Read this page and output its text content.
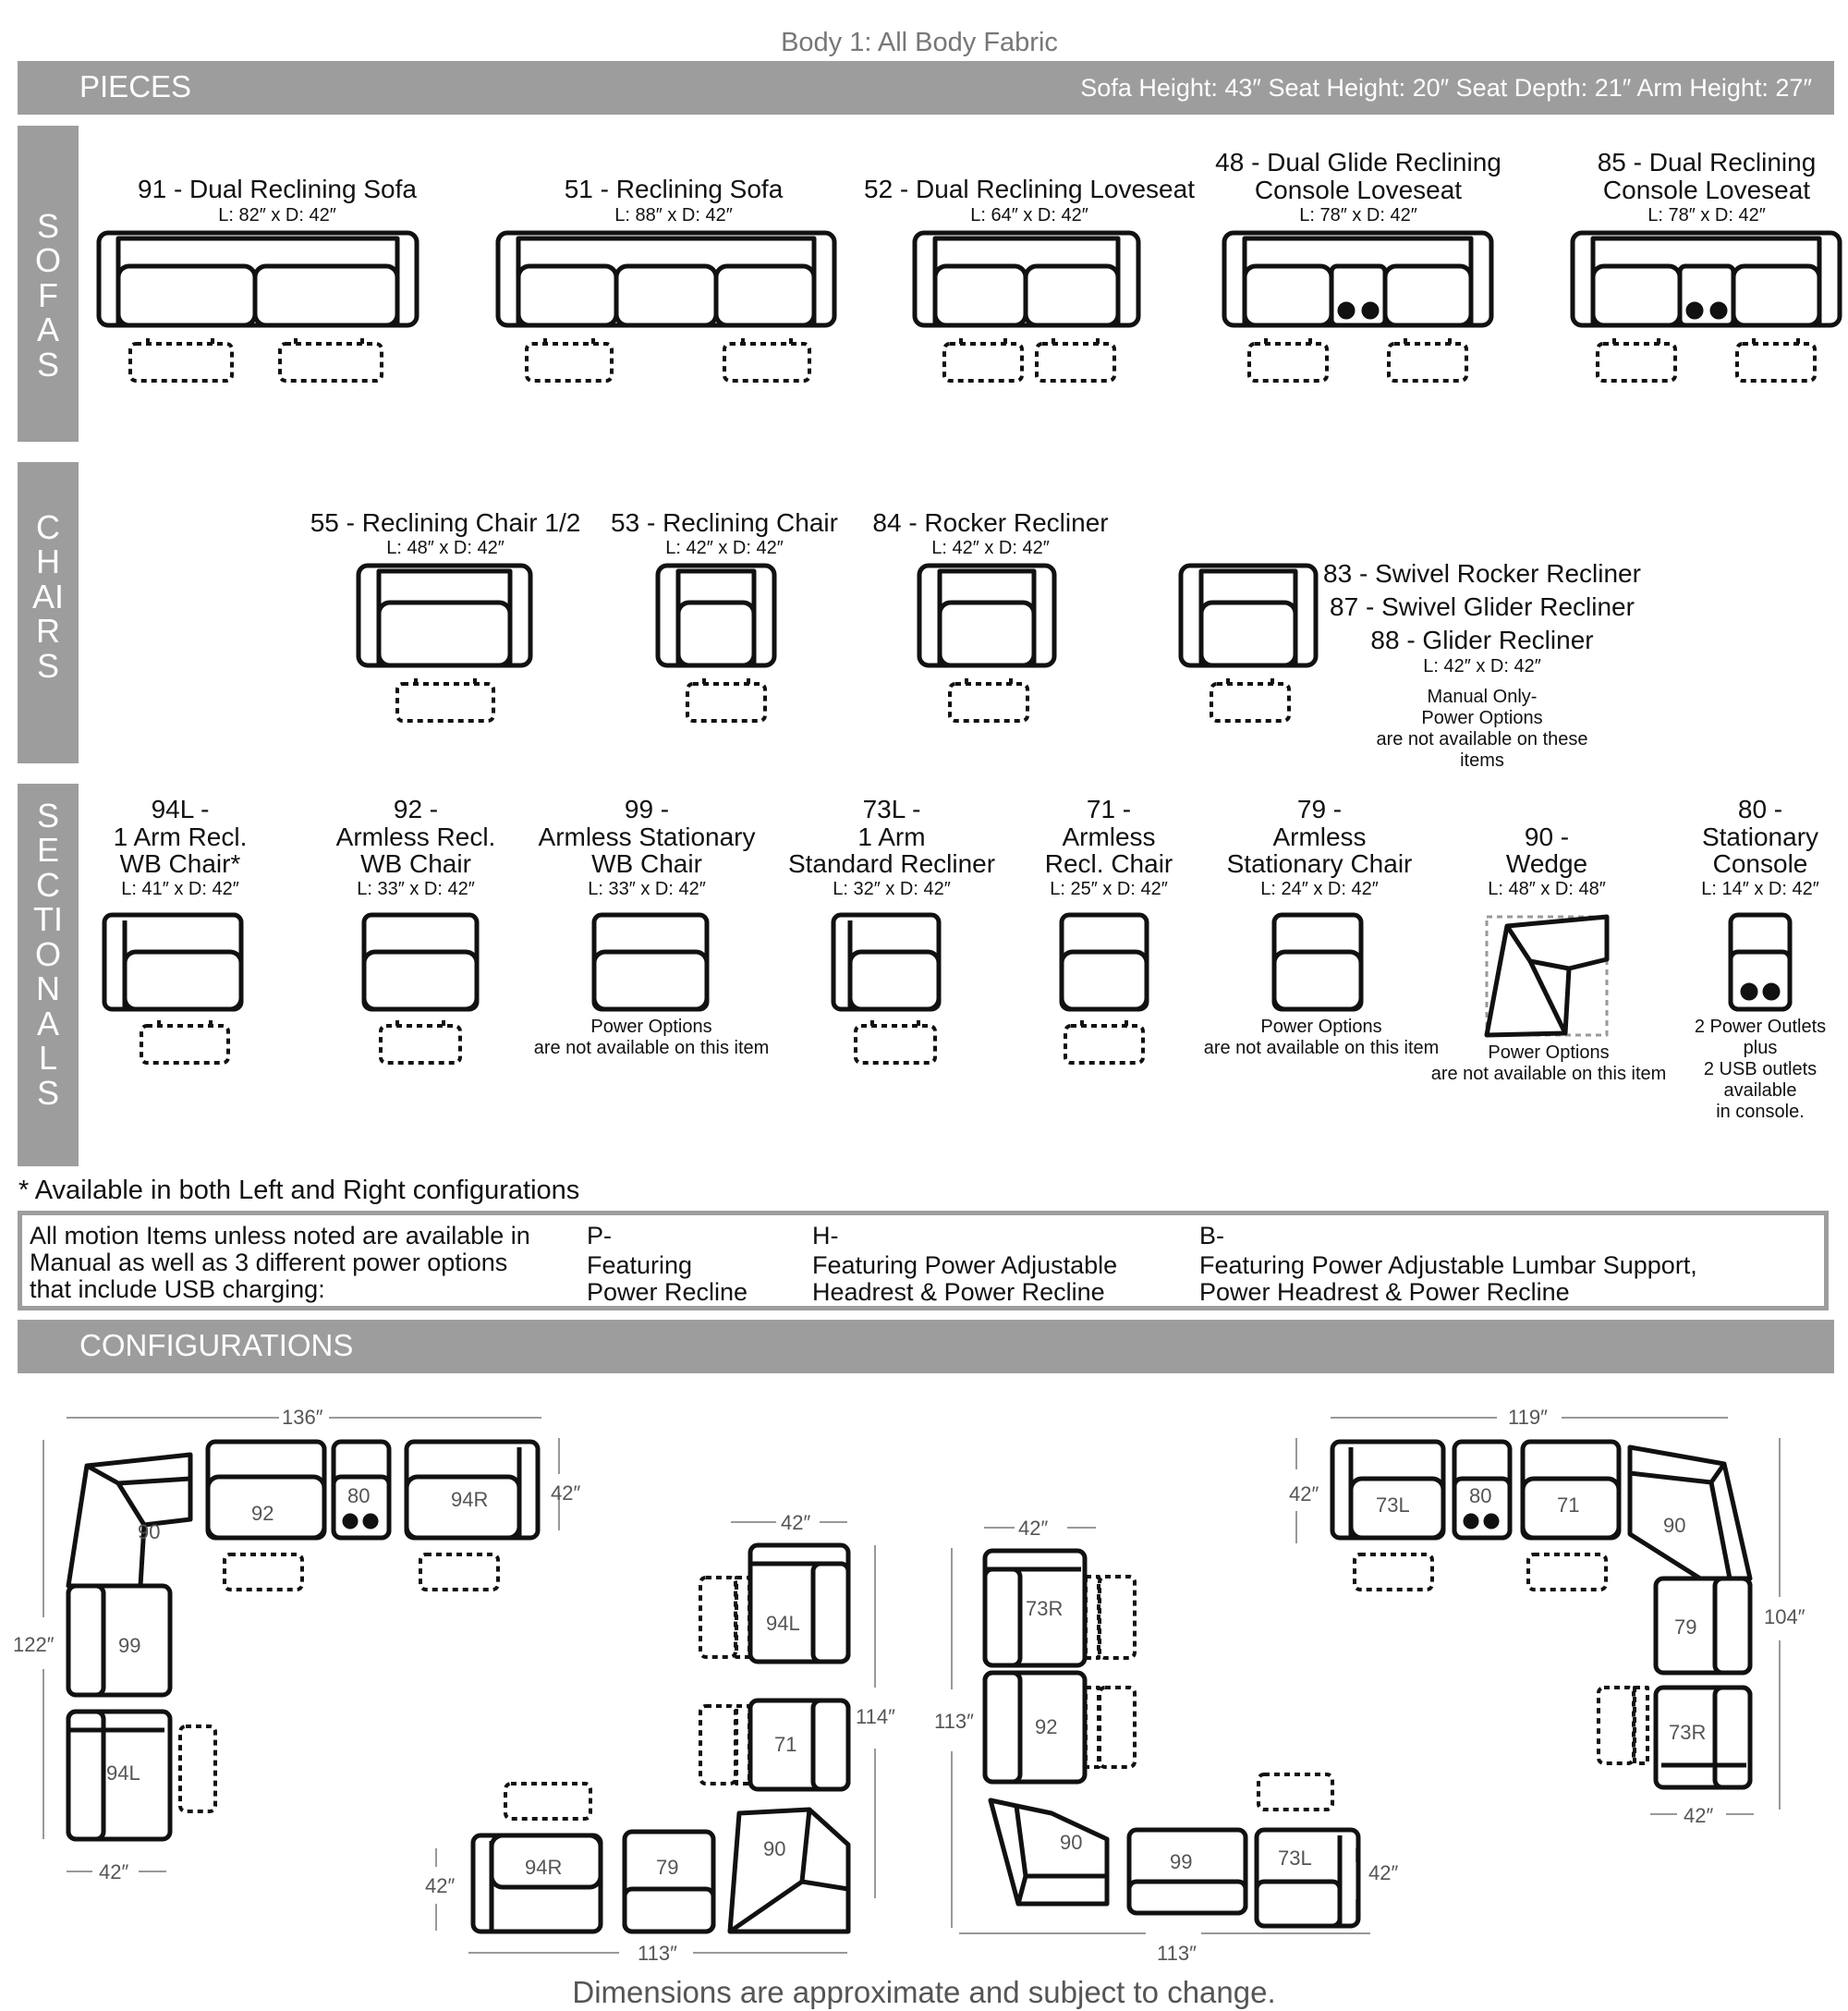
Body 1: All Body Fabric
PIECES	Sofa Height: 43″ Seat Height: 20″ Seat Depth: 21″ Arm Height: 27″
SOFAS
CHAIRS
SECTIONALS
91 - Dual Reclining Sofa
L: 82″ x D: 42″
51 - Reclining Sofa
L: 88″ x D: 42″
52 - Dual Reclining Loveseat
L: 64″ x D: 42″
48 - Dual Glide Reclining
Console Loveseat
L: 78″ x D: 42″
85 - Dual Reclining
Console Loveseat
L: 78″ x D: 42″
55 - Reclining Chair 1/2
L: 48″ x D: 42″
53 - Reclining Chair
L: 42″ x D: 42″
84 - Rocker Recliner
L: 42″ x D: 42″
83 - Swivel Rocker Recliner
87 - Swivel Glider Recliner
88 - Glider Recliner
L: 42″ x D: 42″
Manual Only-
Power Options
are not available on these
items
94L -
1 Arm Recl.
WB Chair*
L: 41″ x D: 42″
92 -
Armless Recl.
WB Chair
L: 33″ x D: 42″
99 -
Armless Stationary
WB Chair
L: 33″ x D: 42″
Power Options
are not available on this item
73L -
1 Arm
Standard Recliner
L: 32″ x D: 42″
71 -
Armless
Recl. Chair
L: 25″ x D: 42″
79 -
Armless
Stationary Chair
L: 24″ x D: 42″
Power Options
are not available on this item
90 -
Wedge
L: 48″ x D: 48″
Power Options
are not available on this item
80 -
Stationary
Console
L: 14″ x D: 42″
2 Power Outlets
plus
2 USB outlets
available
in console.
* Available in both Left and Right configurations
All motion Items unless noted are available in
Manual as well as 3 different power options
that include USB charging:
P-
Featuring
Power Recline
H-
Featuring Power Adjustable
Headrest & Power Recline
B-
Featuring Power Adjustable Lumbar Support,
Power Headrest & Power Recline
CONFIGURATIONS
90
92
80	94R
99
94L
136″
122″
42″
42″
94L
71
94R	79
90
113″
114″
42″
42″
73R
92
90
99	73L
113″
113″
42″
42″
73L	80	71
90
79
73R
119″
104″
42″
42″
Dimensions are approximate and subject to change.
